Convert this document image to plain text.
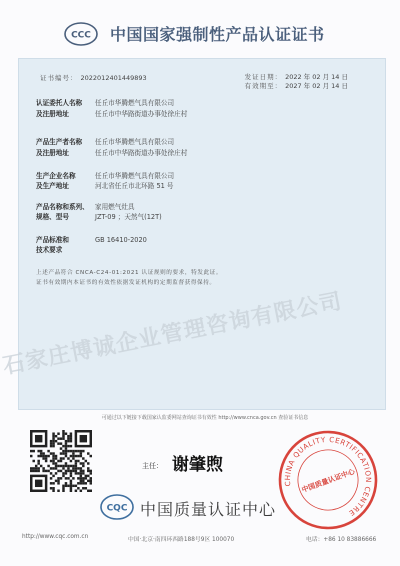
CCC 中国国家强制性产品认证证书
证书编号： 2022012401449893	发证日期： 2022 年 02 月 14 日
有效期至： 2027 年 02 月 14 日
认证委托人名称	任丘市华腾燃气具有限公司
及注册地址	任丘市中华路街道办事处徐庄村
产品生产者名称	任丘市华腾燃气具有限公司
及注册地址	任丘市中华路街道办事处徐庄村
生产企业名称	任丘市华腾燃气具有限公司
及生产地址	河北省任丘市北环路 51 号
产品名称和系列、 家用燃气灶具
规格、型号	JZT-09 ；天然气(12T)
产品标准和	GB 16410-2020
技术要求
上述产品符合 CNCA-C24-01:2021 认证规则的要求，特发此证。
证书有效期内本证书的有效性依据发证机构的定期监督获得保持。
石家庄博诚企业管理咨询有限公司
可通过以下链接下载国家认监委网站查询证书有效性 http://www.cnca.gov.cn 查验证书信息
主任： 谢肇煦
CHINA QUALITY CERTIFICATION CENTRE
中国质量认证中心
CQC 中国质量认证中心
http://www.cqc.com.cn	中国·北京·南四环西路188号9区 100070	电话：+86 10 83886666
